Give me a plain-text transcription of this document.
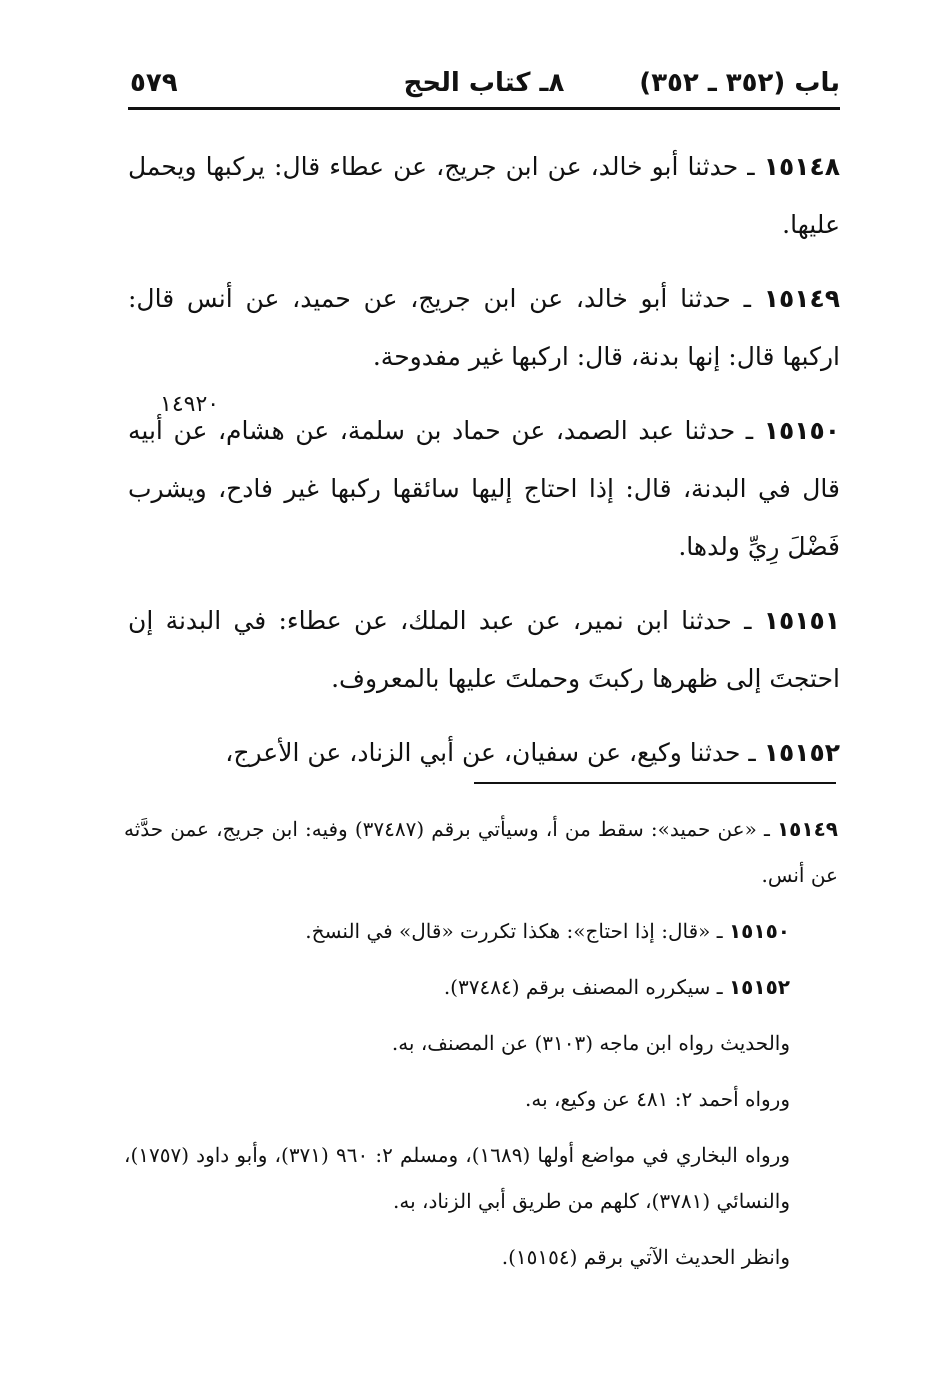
باب (٣٥٢ ـ ٣٥٢)
٨ـ كتاب الحج
٥٧٩
١٤٩٢٠

١٥١٤٨ ـ حدثنا أبو خالد، عن ابن جريج، عن عطاء قال: يركبها ويحمل عليها.

١٥١٤٩ ـ حدثنا أبو خالد، عن ابن جريج، عن حميد، عن أنس قال: اركبها قال: إنها بدنة، قال: اركبها غير مفدوحة.

١٥١٥٠ ـ حدثنا عبد الصمد، عن حماد بن سلمة، عن هشام، عن أبيه قال في البدنة، قال: إذا احتاج إليها سائقها ركبها غير فادح، ويشرب فَضْلَ رِيِّ ولدها.

١٥١٥١ ـ حدثنا ابن نمير، عن عبد الملك، عن عطاء: في البدنة إن احتجتَ إلى ظهرها ركبتَ وحملتَ عليها بالمعروف.

١٥١٥٢ ـ حدثنا وكيع، عن سفيان، عن أبي الزناد، عن الأعرج،

١٥١٤٩ ـ «عن حميد»: سقط من أ، وسيأتي برقم (٣٧٤٨٧) وفيه: ابن جريج، عمن حدَّثه عن أنس.

١٥١٥٠ ـ «قال: إذا احتاج»: هكذا تكررت «قال» في النسخ.

١٥١٥٢ ـ سيكرره المصنف برقم (٣٧٤٨٤).

والحديث رواه ابن ماجه (٣١٠٣) عن المصنف، به.

ورواه أحمد ٢: ٤٨١ عن وكيع، به.

ورواه البخاري في مواضع أولها (١٦٨٩)، ومسلم ٢: ٩٦٠ (٣٧١)، وأبو داود (١٧٥٧)، والنسائي (٣٧٨١)، كلهم من طريق أبي الزناد، به.

وانظر الحديث الآتي برقم (١٥١٥٤).
